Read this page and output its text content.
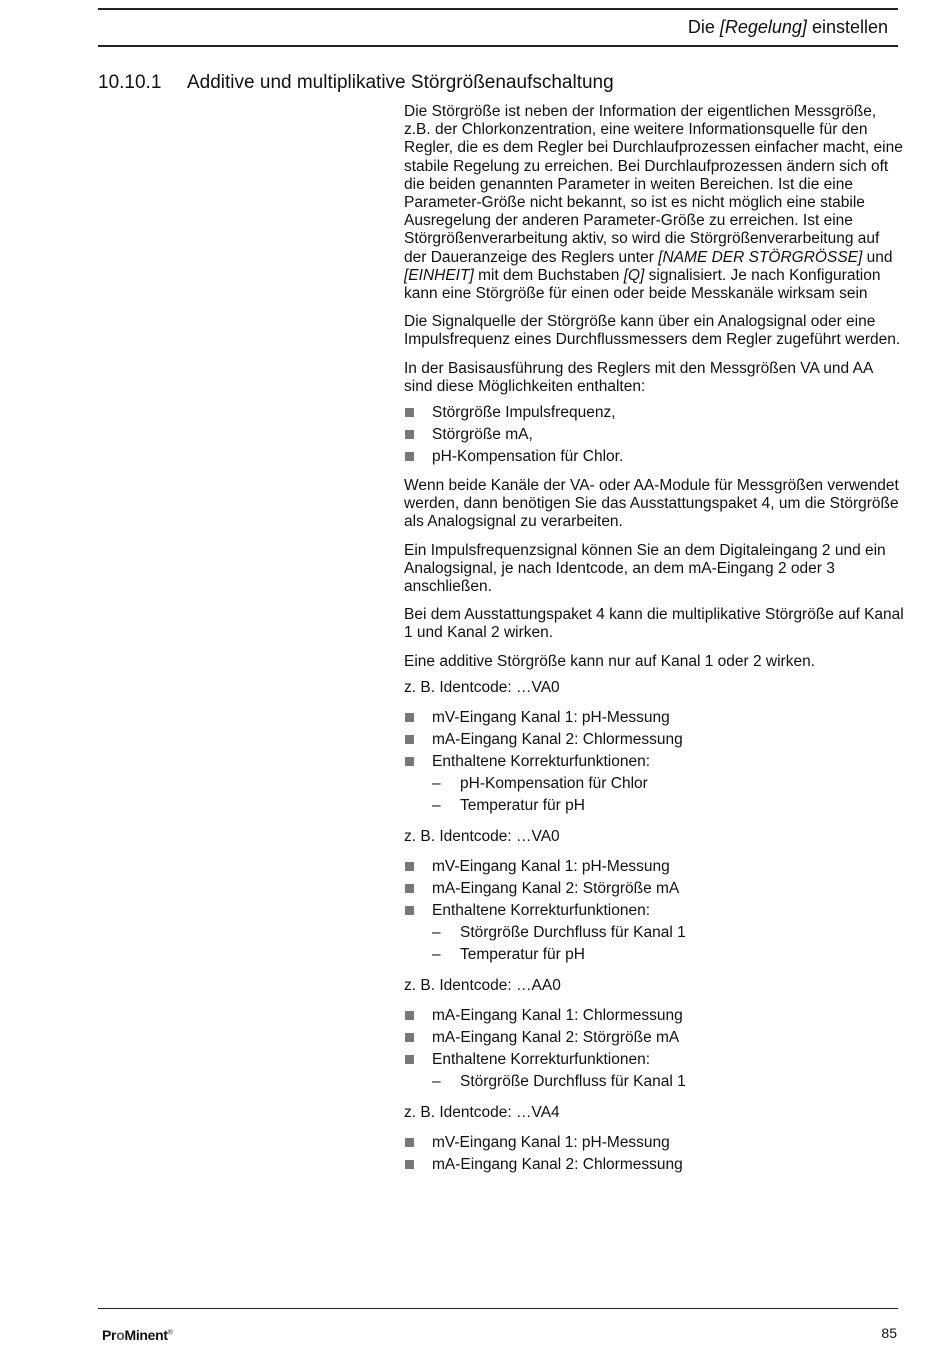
Die [Regelung] einstellen
10.10.1 Additive und multiplikative Störgrößenaufschaltung

Die Störgröße ist neben der Information der eigentlichen Messgröße, z.B. der Chlorkonzentration, eine weitere Informationsquelle für den Regler, die es dem Regler bei Durchlaufprozessen einfacher macht, eine stabile Regelung zu erreichen. Bei Durchlaufprozessen ändern sich oft die beiden genannten Parameter in weiten Bereichen. Ist die eine Parameter-Größe nicht bekannt, so ist es nicht möglich eine stabile Ausregelung der anderen Parameter-Größe zu erreichen. Ist eine Störgrößenverarbeitung aktiv, so wird die Störgrößenverarbeitung auf der Daueranzeige des Reglers unter [NAME DER STÖRGRÖSSE] und [EINHEIT] mit dem Buchstaben [Q] signalisiert. Je nach Konfiguration kann eine Störgröße für einen oder beide Messkanäle wirksam sein

Die Signalquelle der Störgröße kann über ein Analogsignal oder eine Impulsfrequenz eines Durchflussmessers dem Regler zugeführt werden.

In der Basisausführung des Reglers mit den Messgrößen VA und AA sind diese Möglichkeiten enthalten:

Störgröße Impulsfrequenz,
Störgröße mA,
pH-Kompensation für Chlor.

Wenn beide Kanäle der VA- oder AA-Module für Messgrößen verwendet werden, dann benötigen Sie das Ausstattungspaket 4, um die Störgröße als Analogsignal zu verarbeiten.

Ein Impulsfrequenzsignal können Sie an dem Digitaleingang 2 und ein Analogsignal, je nach Identcode, an dem mA-Eingang 2 oder 3 anschließen.

Bei dem Ausstattungspaket 4 kann die multiplikative Störgröße auf Kanal 1 und Kanal 2 wirken.

Eine additive Störgröße kann nur auf Kanal 1 oder 2 wirken.

z. B. Identcode: …VA0

mV-Eingang Kanal 1: pH-Messung
mA-Eingang Kanal 2: Chlormessung
Enthaltene Korrekturfunktionen:
– pH-Kompensation für Chlor
– Temperatur für pH

z. B. Identcode: …VA0

mV-Eingang Kanal 1: pH-Messung
mA-Eingang Kanal 2: Störgröße mA
Enthaltene Korrekturfunktionen:
– Störgröße Durchfluss für Kanal 1
– Temperatur für pH

z. B. Identcode: …AA0

mA-Eingang Kanal 1: Chlormessung
mA-Eingang Kanal 2: Störgröße mA
Enthaltene Korrekturfunktionen:
– Störgröße Durchfluss für Kanal 1

z. B. Identcode: …VA4

mV-Eingang Kanal 1: pH-Messung
mA-Eingang Kanal 2: Chlormessung
ProMinent®	85
